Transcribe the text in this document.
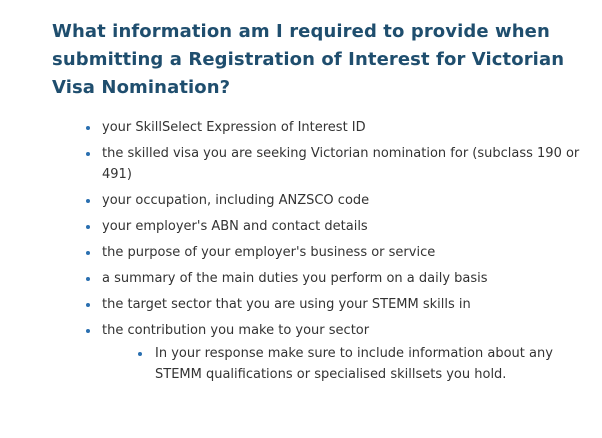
What information am I required to provide when submitting a Registration of Interest for Victorian Visa Nomination?
your SkillSelect Expression of Interest ID
the skilled visa you are seeking Victorian nomination for (subclass 190 or 491)
your occupation, including ANZSCO code
your employer's ABN and contact details
the purpose of your employer's business or service
a summary of the main duties you perform on a daily basis
the target sector that you are using your STEMM skills in
the contribution you make to your sector
In your response make sure to include information about any STEMM qualifications or specialised skillsets you hold.
